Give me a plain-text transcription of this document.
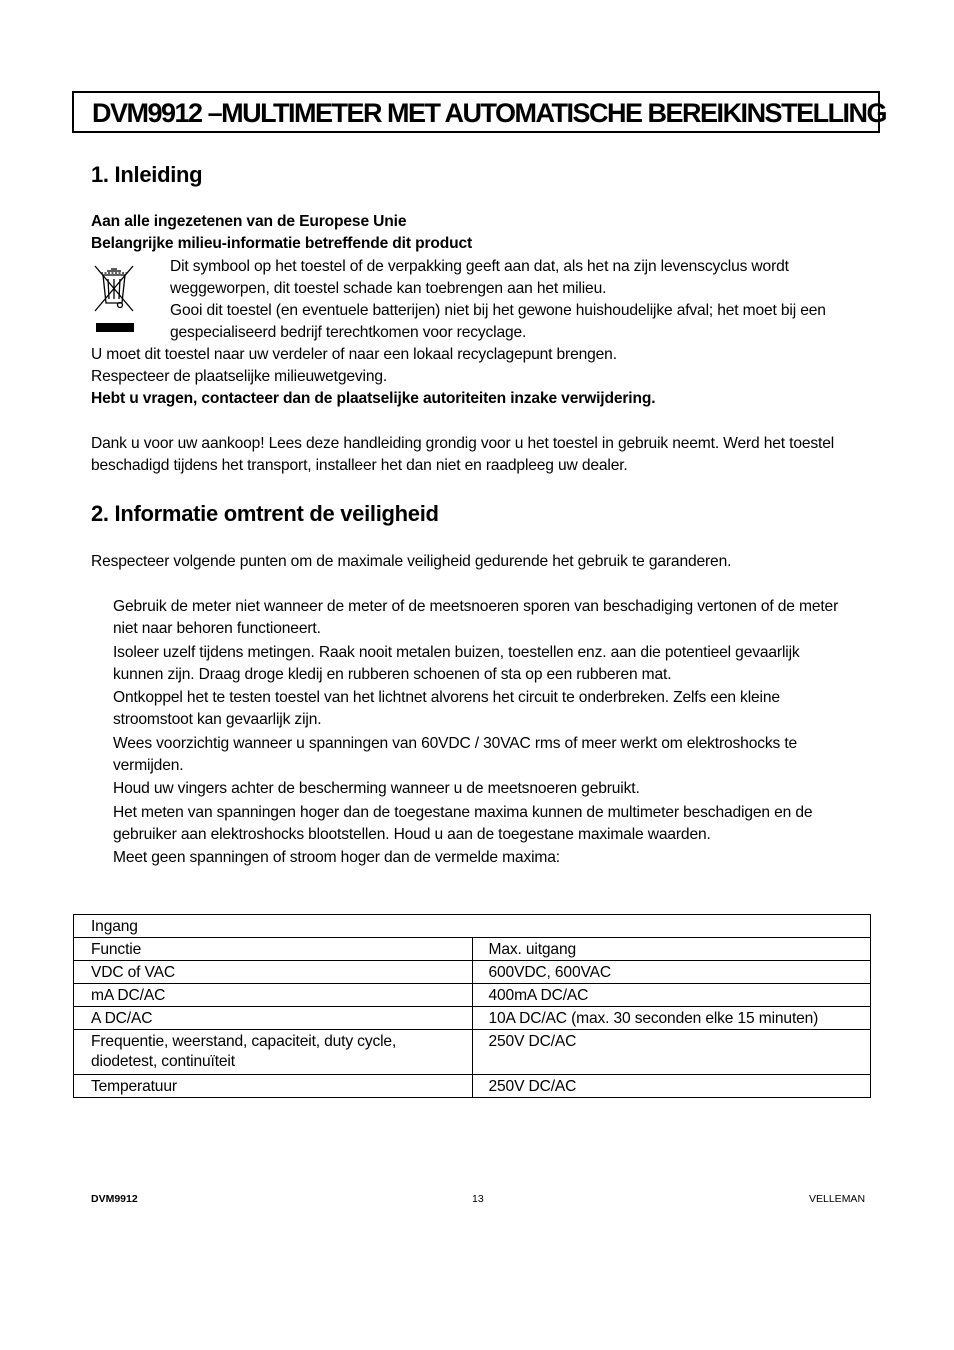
DVM9912 –MULTIMETER MET AUTOMATISCHE BEREIKINSTELLING
1. Inleiding
Aan alle ingezetenen van de Europese Unie
Belangrijke milieu-informatie betreffende dit product
Dit symbool op het toestel of de verpakking geeft aan dat, als het na zijn levenscyclus wordt
weggeworpen, dit toestel schade kan toebrengen aan het milieu.
Gooi dit toestel (en eventuele batterijen) niet bij het gewone huishoudelijke afval; het moet bij een
gespecialiseerd bedrijf terechtkomen voor recyclage.
U moet dit toestel naar uw verdeler of naar een lokaal recyclagepunt brengen.
Respecteer de plaatselijke milieuwetgeving.
Hebt u vragen, contacteer dan de plaatselijke autoriteiten inzake verwijdering.
Dank u voor uw aankoop! Lees deze handleiding grondig voor u het toestel in gebruik neemt. Werd het toestel
beschadigd tijdens het transport, installeer het dan niet en raadpleeg uw dealer.
2. Informatie omtrent de veiligheid
Respecteer volgende punten om de maximale veiligheid gedurende het gebruik te garanderen.
Gebruik de meter niet wanneer de meter of de meetsnoeren sporen van beschadiging vertonen of de meter
niet naar behoren functioneert.
Isoleer uzelf tijdens metingen. Raak nooit metalen buizen, toestellen enz. aan die potentieel gevaarlijk
kunnen zijn. Draag droge kledij en rubberen schoenen of sta op een rubberen mat.
Ontkoppel het te testen toestel van het lichtnet alvorens het circuit te onderbreken. Zelfs een kleine
stroomstoot kan gevaarlijk zijn.
Wees voorzichtig wanneer u spanningen van 60VDC / 30VAC rms of meer werkt om elektroshocks te
vermijden.
Houd uw vingers achter de bescherming wanneer u de meetsnoeren gebruikt.
Het meten van spanningen hoger dan de toegestane maxima kunnen de multimeter beschadigen en de
gebruiker aan elektroshocks blootstellen. Houd u aan de toegestane maximale waarden.
Meet geen spanningen of stroom hoger dan de vermelde maxima:
Ingang	
Functie	Max. uitgang
VDC of VAC	600VDC, 600VAC
mA DC/AC	400mA DC/AC
A DC/AC	10A DC/AC (max. 30 seconden elke 15 minuten)
Frequentie, weerstand, capaciteit, duty cycle,
diodetest, continuïteit	250V DC/AC
Temperatuur	250V DC/AC
DVM9912	13	VELLEMAN
